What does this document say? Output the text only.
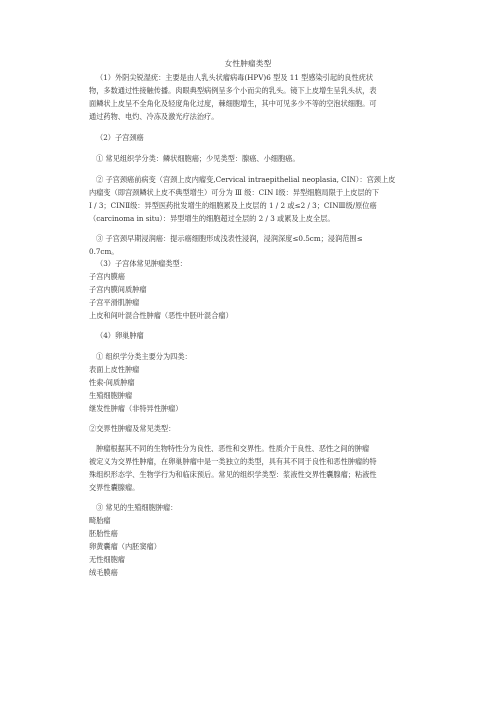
女性肿瘤类型
（1）外阴尖锐湿疣：主要是由人乳头状瘤病毒(HPV)6 型及 11 型感染引起的良性疣状
物，多数通过性接触传播。肉眼典型病例呈多个小而尖的乳头。镜下上皮增生呈乳头状，表
面鳞状上皮呈不全角化及轻度角化过度，棘细胞增生，其中可见多少不等的空泡状细胞。可
通过药物、电灼、冷冻及激光疗法治疗。
（2）子宫颈癌
① 常见组织学分类：鳞状细胞癌；少见类型：腺癌、小细胞癌。
② 子宫颈癌前病变（宫颈上皮内瘤变,Cervical intraepithelial neoplasia, CIN）：宫颈上皮
内瘤变（即宫颈鳞状上皮不典型增生）可分为 Ⅲ 级：CIN Ⅰ级：异型细胞局限于上皮层的下
Ⅰ / 3；CINⅡ级：异型医药批发增生的细胞累及上皮层的 1 / 2 或≤2 / 3；CINⅢ级/原位癌
（carcinoma in situ）：异型增生的细胞超过全层的 2 / 3 或累及上皮全层。
③ 子宫颈早期浸润癌：提示癌细胞形成浅表性浸润，浸润深度≤0.5cm；浸润范围≤
0.7cm。
（3）子宫体常见肿瘤类型：
子宫内膜癌
子宫内膜间质肿瘤
子宫平滑肌肿瘤
上皮和间叶混合性肿瘤（恶性中胚叶混合瘤）
（4）卵巢肿瘤
① 组织学分类主要分为四类：
表面上皮性肿瘤
性索-间质肿瘤
生殖细胞肿瘤
继发性肿瘤（非特异性肿瘤）
②交界性肿瘤及常见类型：
肿瘤根据其不同的生物特性分为良性、恶性和交界性。性质介于良性、恶性之间的肿瘤
被定义为交界性肿瘤，在卵巢肿瘤中是一类独立的类型，具有其不同于良性和恶性肿瘤的特
殊组织形态学、生物学行为和临床预后。常见的组织学类型：浆液性交界性囊腺瘤；粘液性
交界性囊腺瘤。
③ 常见的生殖细胞肿瘤：
畸胎瘤
胚胎性癌
卵黄囊瘤（内胚窦瘤）
无性细胞瘤
绒毛膜癌
